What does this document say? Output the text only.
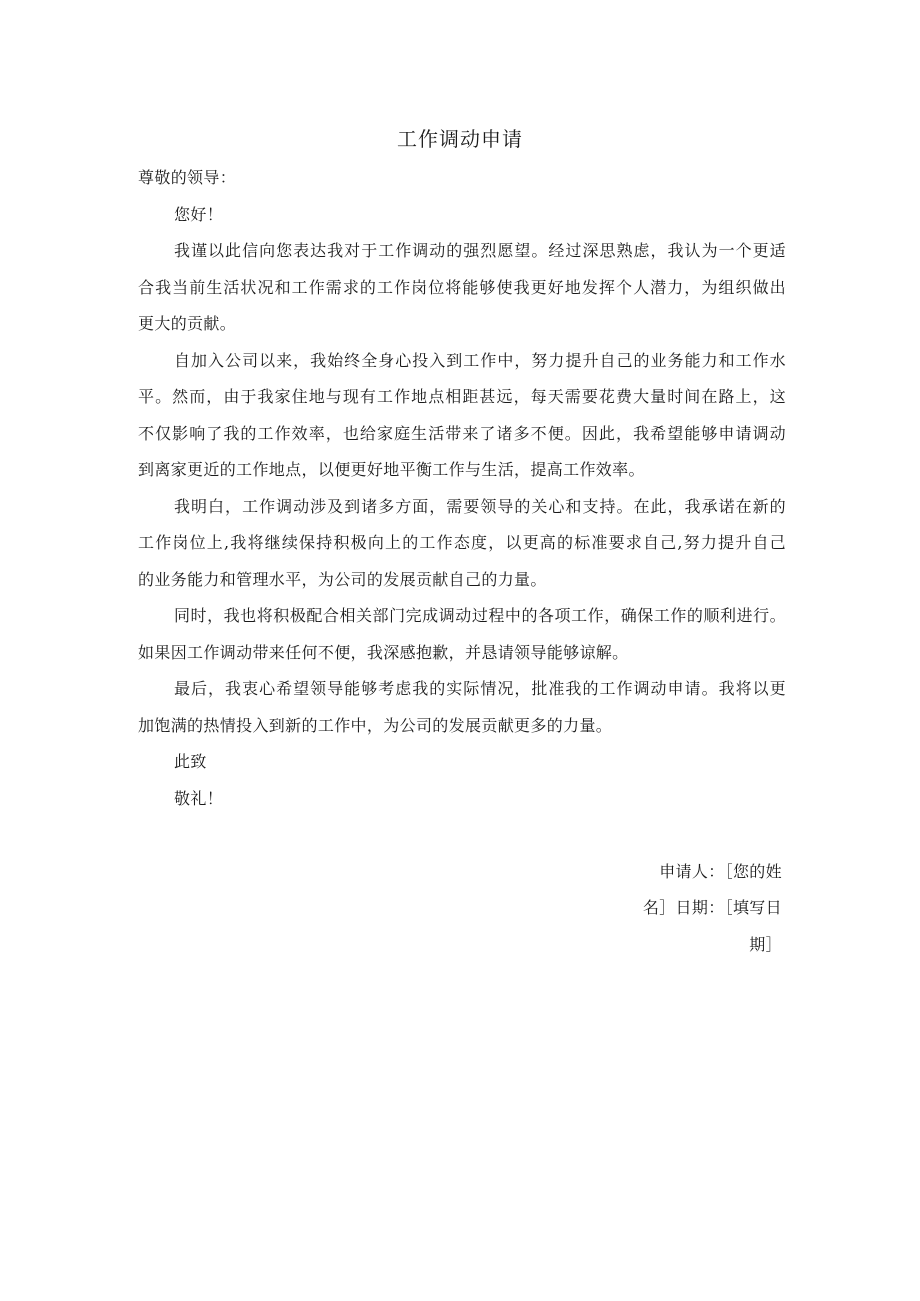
工作调动申请

尊敬的领导：

您好！

我谨以此信向您表达我对于工作调动的强烈愿望。经过深思熟虑，我认为一个更适

合我当前生活状况和工作需求的工作岗位将能够使我更好地发挥个人潜力，为组织做出

更大的贡献。

自加入公司以来，我始终全身心投入到工作中，努力提升自己的业务能力和工作水

平。然而，由于我家住地与现有工作地点相距甚远，每天需要花费大量时间在路上，这

不仅影响了我的工作效率，也给家庭生活带来了诸多不便。因此，我希望能够申请调动

到离家更近的工作地点，以便更好地平衡工作与生活，提高工作效率。

我明白，工作调动涉及到诸多方面，需要领导的关心和支持。在此，我承诺在新的

工作岗位上,我将继续保持积极向上的工作态度，以更高的标准要求自己,努力提升自己

的业务能力和管理水平，为公司的发展贡献自己的力量。

同时，我也将积极配合相关部门完成调动过程中的各项工作，确保工作的顺利进行。

如果因工作调动带来任何不便，我深感抱歉，并恳请领导能够谅解。

最后，我衷心希望领导能够考虑我的实际情况，批准我的工作调动申请。我将以更

加饱满的热情投入到新的工作中，为公司的发展贡献更多的力量。

此致

敬礼！

申请人：［您的姓

名］日期：［填写日

期］
